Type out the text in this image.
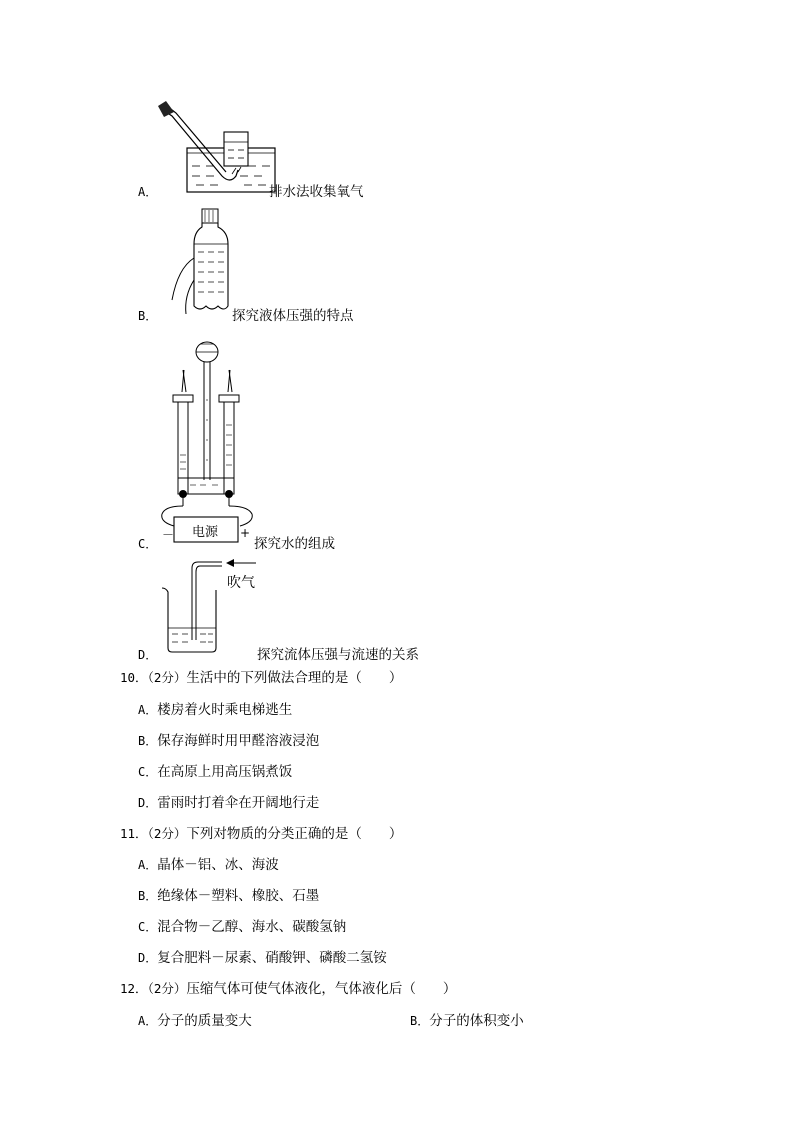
A．	排水法收集氧气
B．	探究液体压强的特点
电源
－	+
C．	探究水的组成
吹气
D．	探究流体压强与流速的关系
10．（2分）生活中的下列做法合理的是（　　）
A．楼房着火时乘电梯逃生
B．保存海鲜时用甲醛溶液浸泡
C．在高原上用高压锅煮饭
D．雷雨时打着伞在开阔地行走
11．（2分）下列对物质的分类正确的是（　　）
A．晶体－铝、冰、海波
B．绝缘体－塑料、橡胶、石墨
C．混合物－乙醇、海水、碳酸氢钠
D．复合肥料－尿素、硝酸钾、磷酸二氢铵
12．（2分）压缩气体可使气体液化，气体液化后（　　）
A．分子的质量变大	B．分子的体积变小
